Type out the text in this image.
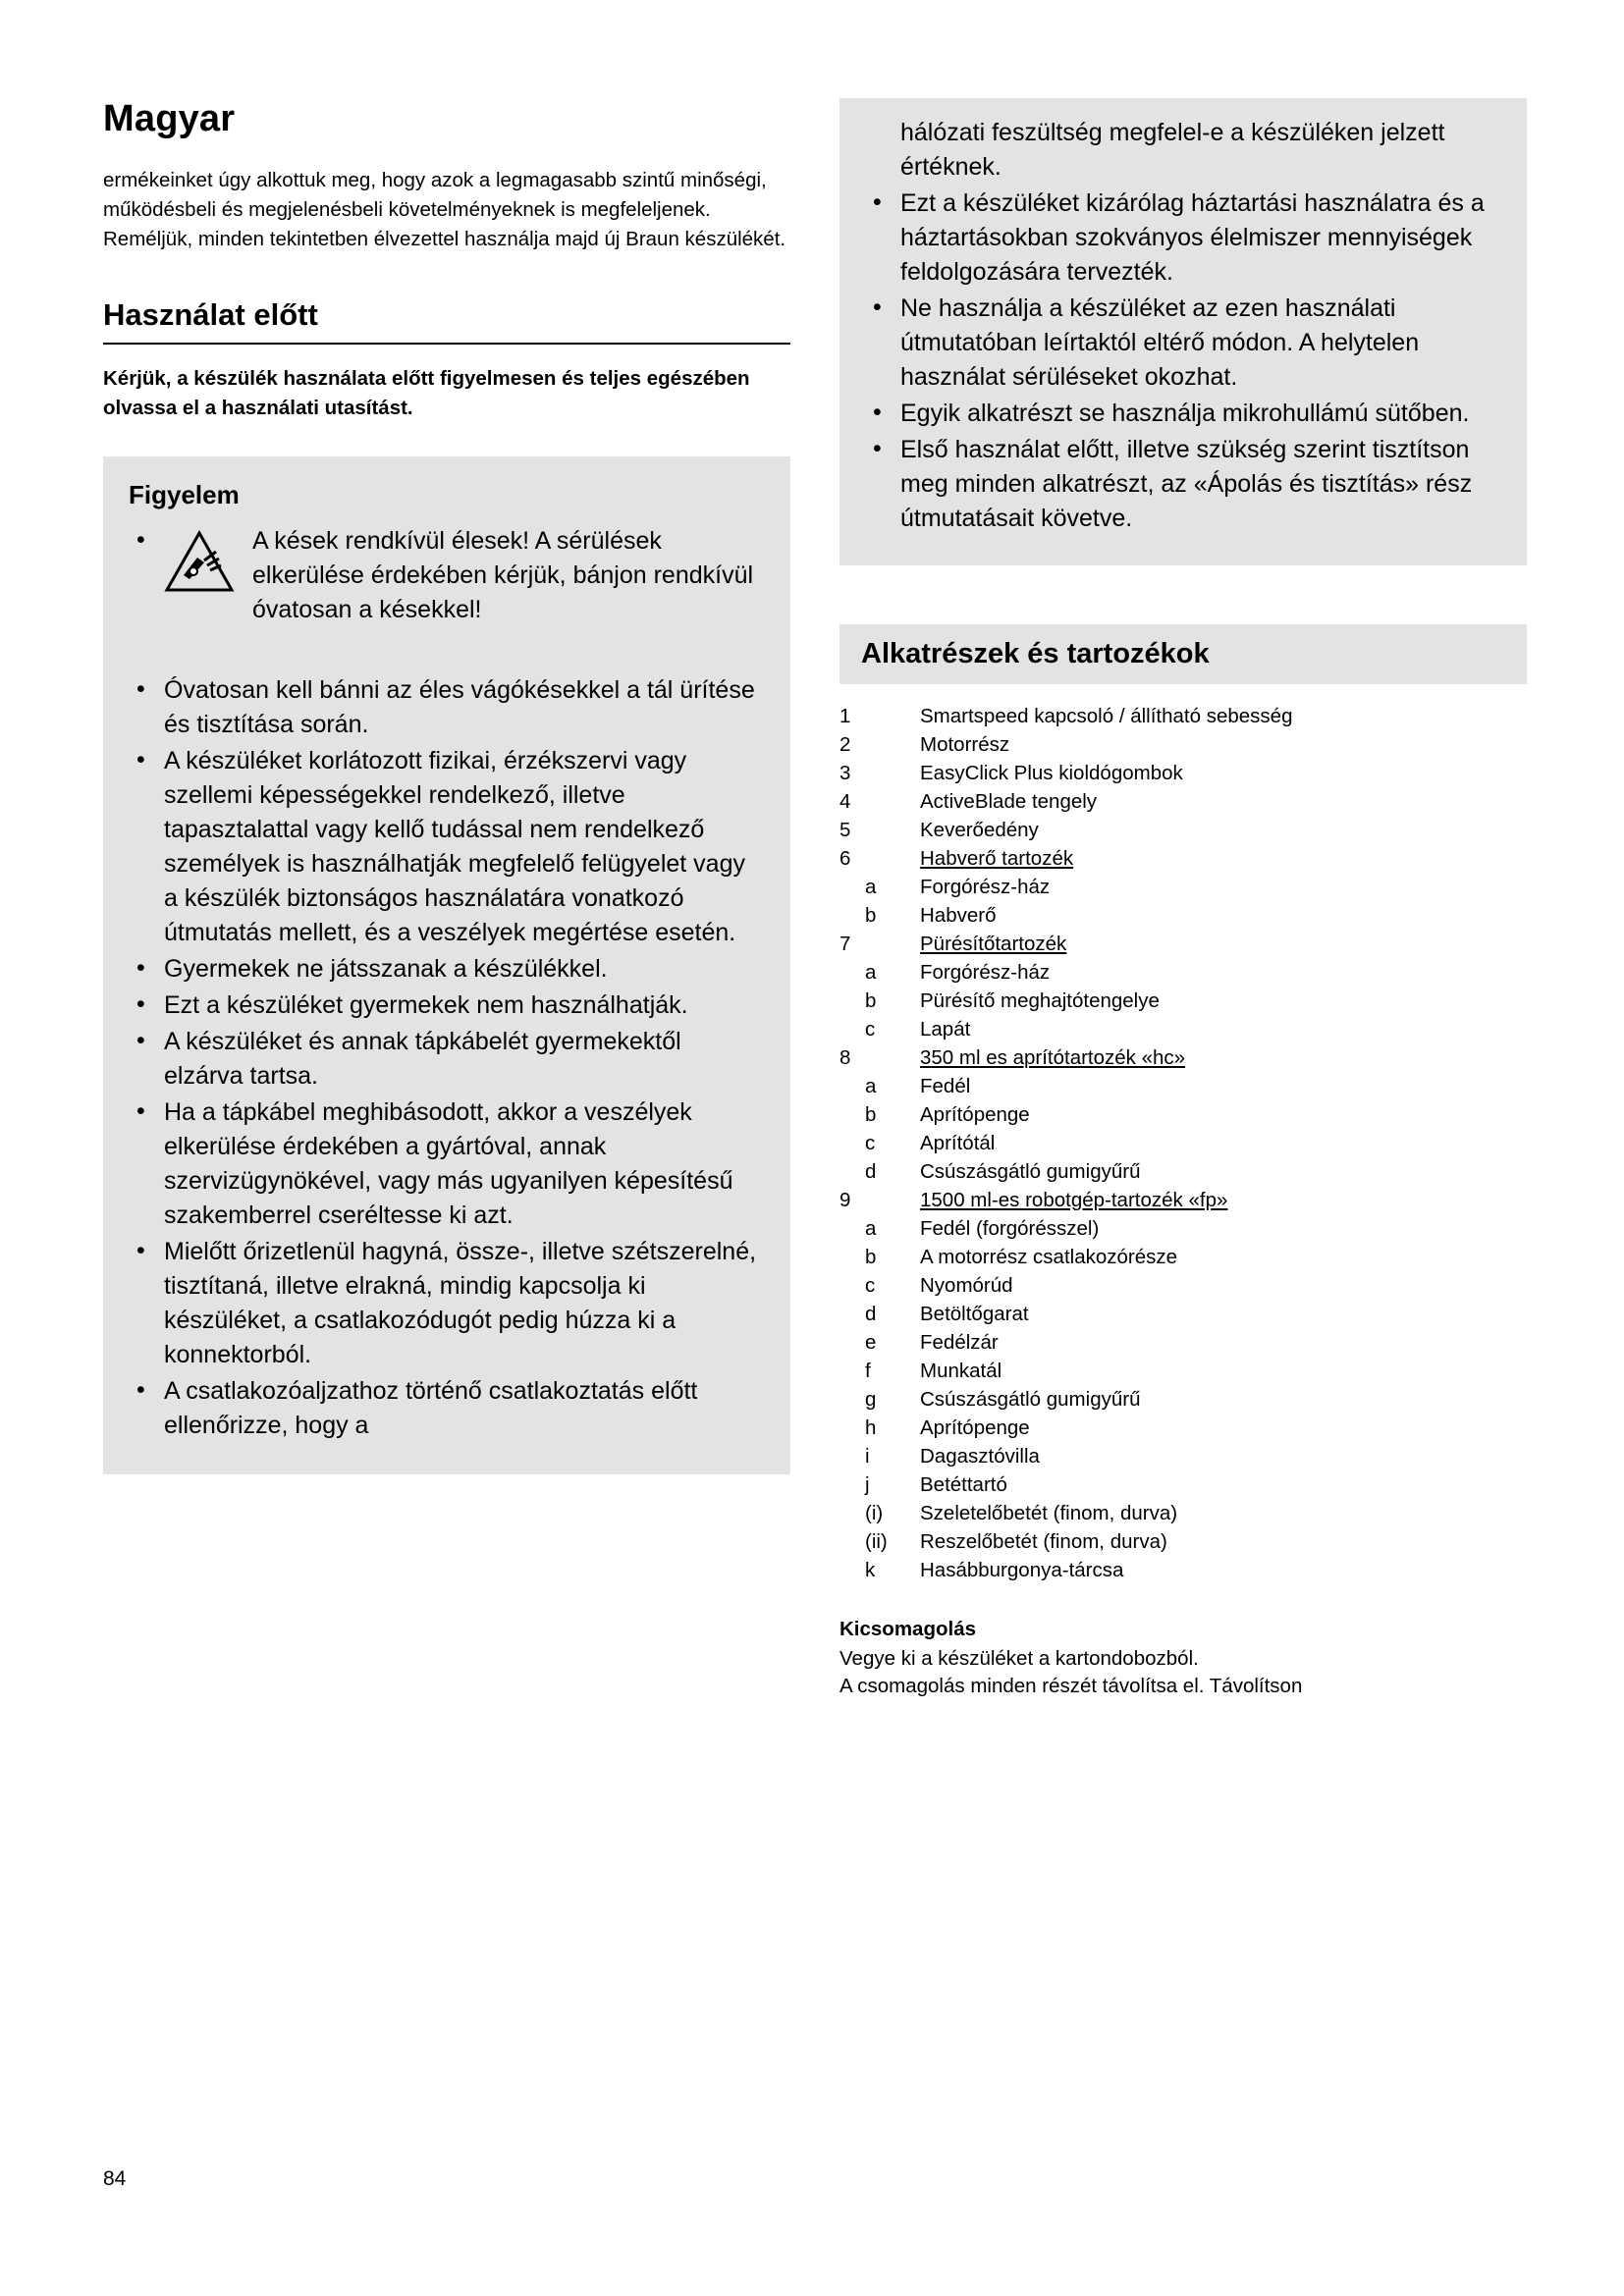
Magyar

ermékeinket úgy alkottuk meg, hogy azok a legmagasabb szintű minőségi, működésbeli és megjelenésbeli követelményeknek is megfeleljenek. Reméljük, minden tekintetben élvezettel használja majd új Braun készülékét.

Használat előtt

Kérjük, a készülék használata előtt figyelmesen és teljes egészében olvassa el a használati utasítást.

Figyelem
• A kések rendkívül élesek! A sérülések elkerülése érdekében kérjük, bánjon rendkívül óvatosan a késekkel!
• Óvatosan kell bánni az éles vágókésekkel a tál ürítése és tisztítása során.
• A készüléket korlátozott fizikai, érzékszervi vagy szellemi képességekkel rendelkező, illetve tapasztalattal vagy kellő tudással nem rendelkező személyek is használhatják megfelelő felügyelet vagy a készülék biztonságos használatára vonatkozó útmutatás mellett, és a veszélyek megértése esetén.
• Gyermekek ne játsszanak a készülékkel.
• Ezt a készüléket gyermekek nem használhatják.
• A készüléket és annak tápkábelét gyermekektől elzárva tartsa.
• Ha a tápkábel meghibásodott, akkor a veszélyek elkerülése érdekében a gyártóval, annak szervizügynökével, vagy más ugyanilyen képesítésű szakemberrel cseréltesse ki azt.
• Mielőtt őrizetlenül hagyná, össze-, illetve szétszerelné, tisztítaná, illetve elrakná, mindig kapcsolja ki készüléket, a csatlakozódugót pedig húzza ki a konnektorból.
• A csatlakozóaljzathoz történő csatlakoztatás előtt ellenőrizze, hogy a

hálózati feszültség megfelel-e a készüléken jelzett értéknek.

• Ezt a készüléket kizárólag háztartási használatra és a háztartásokban szokványos élelmiszer mennyiségek feldolgozására tervezték.
• Ne használja a készüléket az ezen használati útmutatóban leírtaktól eltérő módon. A helytelen használat sérüléseket okozhat.
• Egyik alkatrészt se használja mikrohullámú sütőben.
• Első használat előtt, illetve szükség szerint tisztítson meg minden alkatrészt, az «Ápolás és tisztítás» rész útmutatásait követve.
Alkatrészek és tartozékok
1		Smartspeed kapcsoló / állítható sebesség
2		Motorrész
3		EasyClick Plus kioldógombok
4		ActiveBlade tengely
5		Keverőedény
6		Habverő tartozék
	a	Forgórész-ház
	b	Habverő
7		Pürésítőtartozék
	a	Forgórész-ház
	b	Pürésítő meghajtótengelye
	c	Lapát
8		350 ml es aprítótartozék «hc»
	a	Fedél
	b	Aprítópenge
	c	Aprítótál
	d	Csúszásgátló gumigyűrű
9		1500 ml-es robotgép-tartozék «fp»
	a	Fedél (forgórésszel)
	b	A motorrész csatlakozórésze
	c	Nyomórúd
	d	Betöltőgarat
	e	Fedélzár
	f	Munkatál
	g	Csúszásgátló gumigyűrű
	h	Aprítópenge
	i	Dagasztóvilla
	j	Betéttartó
	(i)	Szeletelőbetét (finom, durva)
	(ii)	Reszelőbetét (finom, durva)
	k	Hasábburgonya-tárcsa
Kicsomagolás

Vegye ki a készüléket a kartondobozból.
A csomagolás minden részét távolítsa el. Távolítson

84
